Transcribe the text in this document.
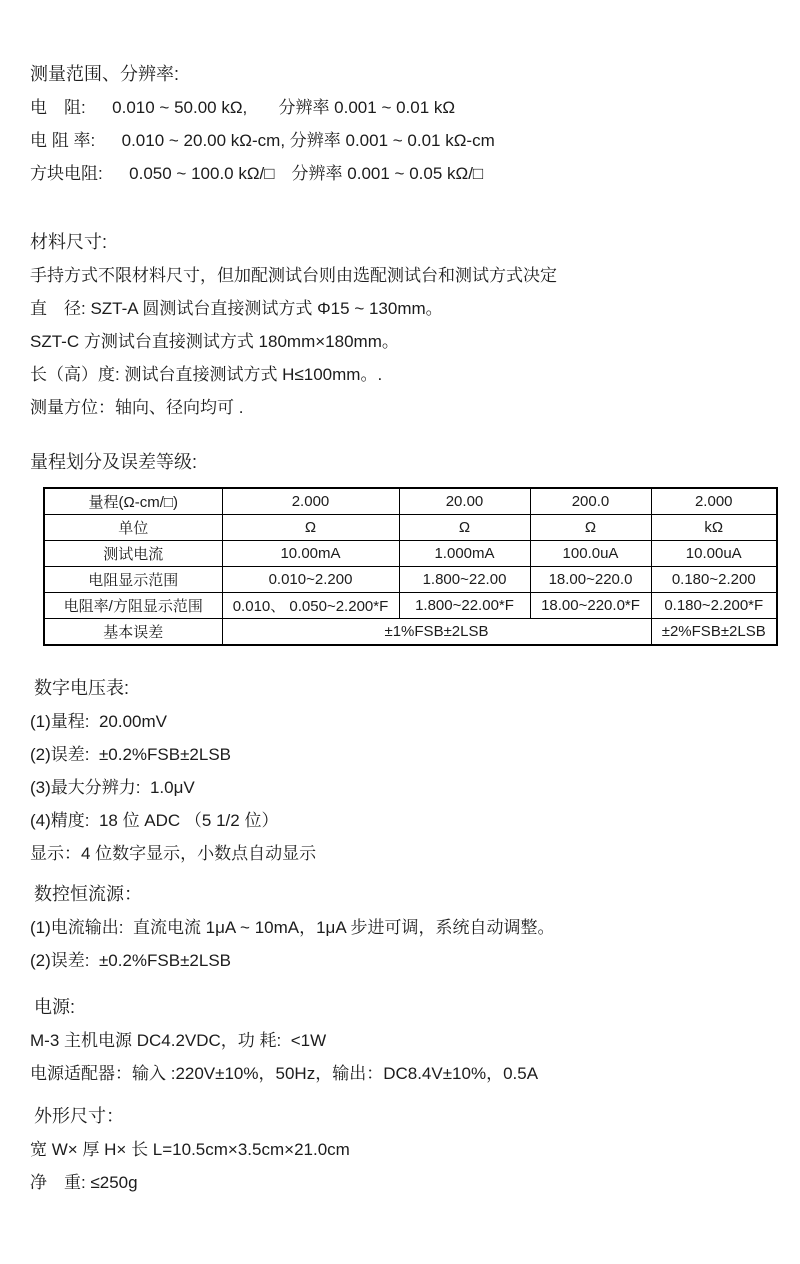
测量范围、分辨率:
电　阻:　  0.010 ~ 50.00 kΩ,　   分辨率 0.001 ~ 0.01 kΩ
电 阻 率:　  0.010 ~ 20.00 kΩ-cm, 分辨率 0.001 ~ 0.01 kΩ-cm
方块电阻:　  0.050 ~ 100.0 kΩ/□　分辨率 0.001 ~ 0.05 kΩ/□
材料尺寸:
手持方式不限材料尺寸，但加配测试台则由选配测试台和测试方式决定
直　径: SZT-A 圆测试台直接测试方式 Φ15 ~ 130mm。
SZT-C 方测试台直接测试方式 180mm×180mm。
长（高）度: 测试台直接测试方式 H≤100mm。.
测量方位：轴向、径向均可 .
量程划分及误差等级:
量程(Ω-cm/□)	2.000	20.00	200.0	2.000
单位	Ω	Ω	Ω	kΩ
测试电流	10.00mA	1.000mA	100.0uA	10.00uA
电阻显示范围	0.010~2.200	1.800~22.00	18.00~220.0	0.180~2.200
电阻率/方阻显示范围	0.010、 0.050~2.200*F	1.800~22.00*F	18.00~220.0*F	0.180~2.200*F
基本误差	±1%FSB±2LSB			±2%FSB±2LSB
数字电压表:
(1)量程:  20.00mV
(2)误差:  ±0.2%FSB±2LSB
(3)最大分辨力:  1.0μV
(4)精度:  18 位 ADC （5 1/2 位）
显示：4 位数字显示，小数点自动显示
数控恒流源：
(1)电流输出:  直流电流 1μA ~ 10mA，1μA 步进可调，系统自动调整。
(2)误差:  ±0.2%FSB±2LSB
电源:
M-3 主机电源 DC4.2VDC，功 耗:  <1W
电源适配器：输入 :220V±10%，50Hz，输出：DC8.4V±10%，0.5A
外形尺寸：
宽 W× 厚 H× 长 L=10.5cm×3.5cm×21.0cm
净　重: ≤250g
